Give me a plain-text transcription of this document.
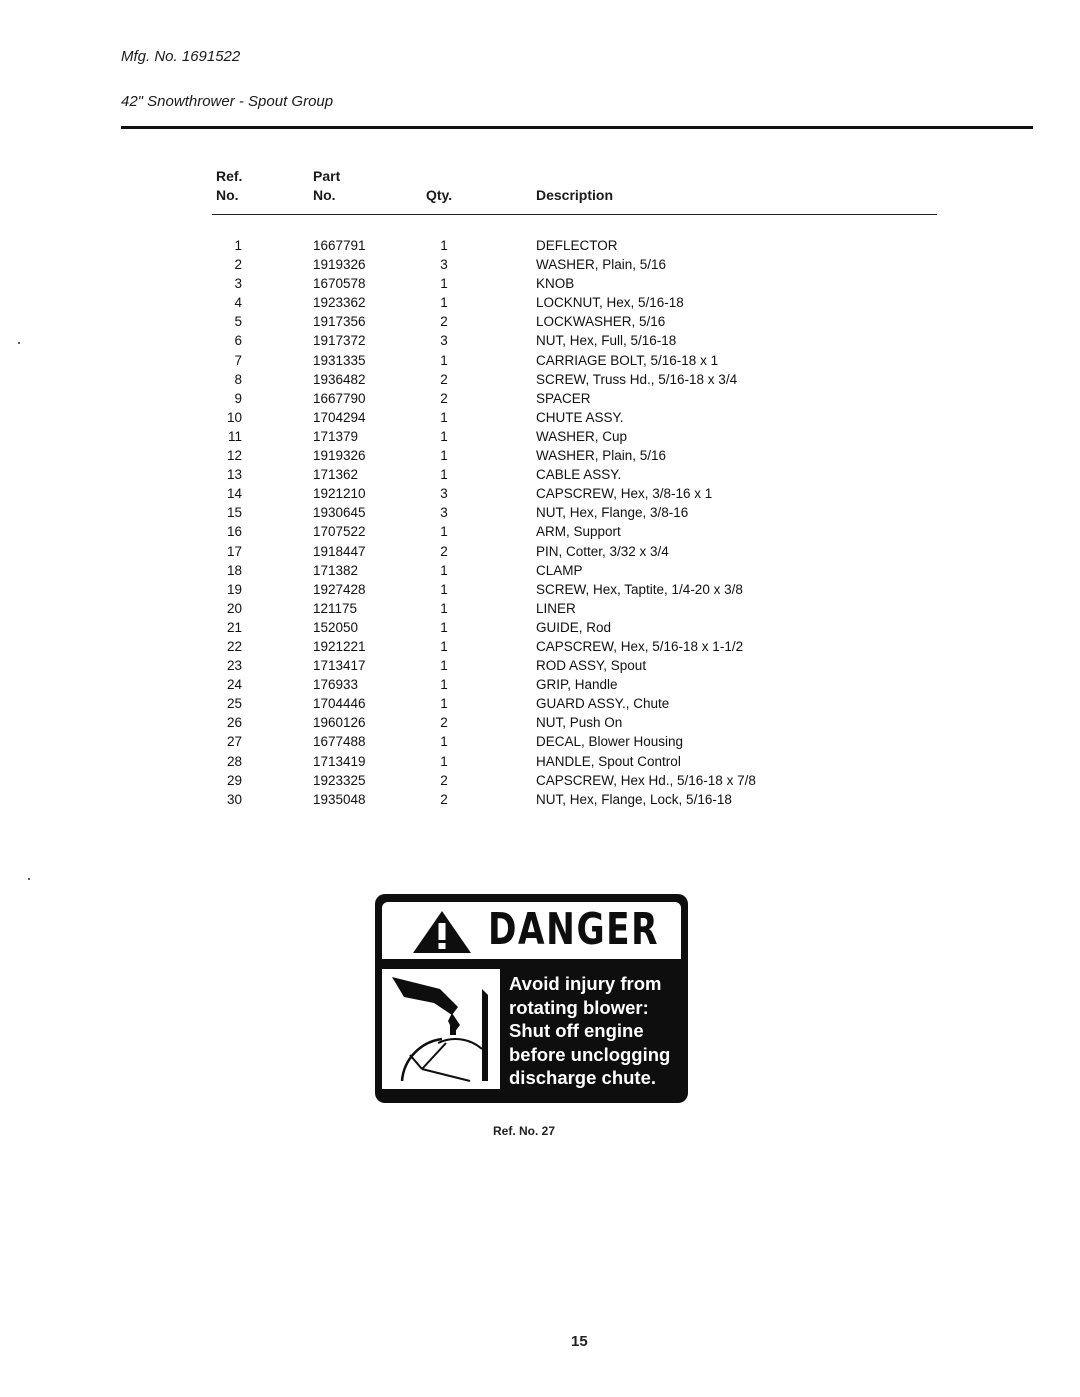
Mfg. No. 1691522
42" Snowthrower - Spout Group
Ref.
No.
Part
No.	Qty.	Description
1	1667791	1	DEFLECTOR
2	1919326	3	WASHER, Plain, 5/16
3	1670578	1	KNOB
4	1923362	1	LOCKNUT, Hex, 5/16-18
5	1917356	2	LOCKWASHER, 5/16
6	1917372	3	NUT, Hex, Full, 5/16-18
7	1931335	1	CARRIAGE BOLT, 5/16-18 x 1
8	1936482	2	SCREW, Truss Hd., 5/16-18 x 3/4
9	1667790	2	SPACER
10	1704294	1	CHUTE ASSY.
11	171379	1	WASHER, Cup
12	1919326	1	WASHER, Plain, 5/16
13	171362	1	CABLE ASSY.
14	1921210	3	CAPSCREW, Hex, 3/8-16 x 1
15	1930645	3	NUT, Hex, Flange, 3/8-16
16	1707522	1	ARM, Support
17	1918447	2	PIN, Cotter, 3/32 x 3/4
18	171382	1	CLAMP
19	1927428	1	SCREW, Hex, Taptite, 1/4-20 x 3/8
20	121175	1	LINER
21	152050	1	GUIDE, Rod
22	1921221	1	CAPSCREW, Hex, 5/16-18 x 1-1/2
23	1713417	1	ROD ASSY, Spout
24	176933	1	GRIP, Handle
25	1704446	1	GUARD ASSY., Chute
26	1960126	2	NUT, Push On
27	1677488	1	DECAL, Blower Housing
28	1713419	1	HANDLE, Spout Control
29	1923325	2	CAPSCREW, Hex Hd., 5/16-18 x 7/8
30	1935048	2	NUT, Hex, Flange, Lock, 5/16-18
DANGER
Avoid injury from
rotating blower:
Shut off engine
before unclogging
discharge chute.
Ref. No. 27
15
